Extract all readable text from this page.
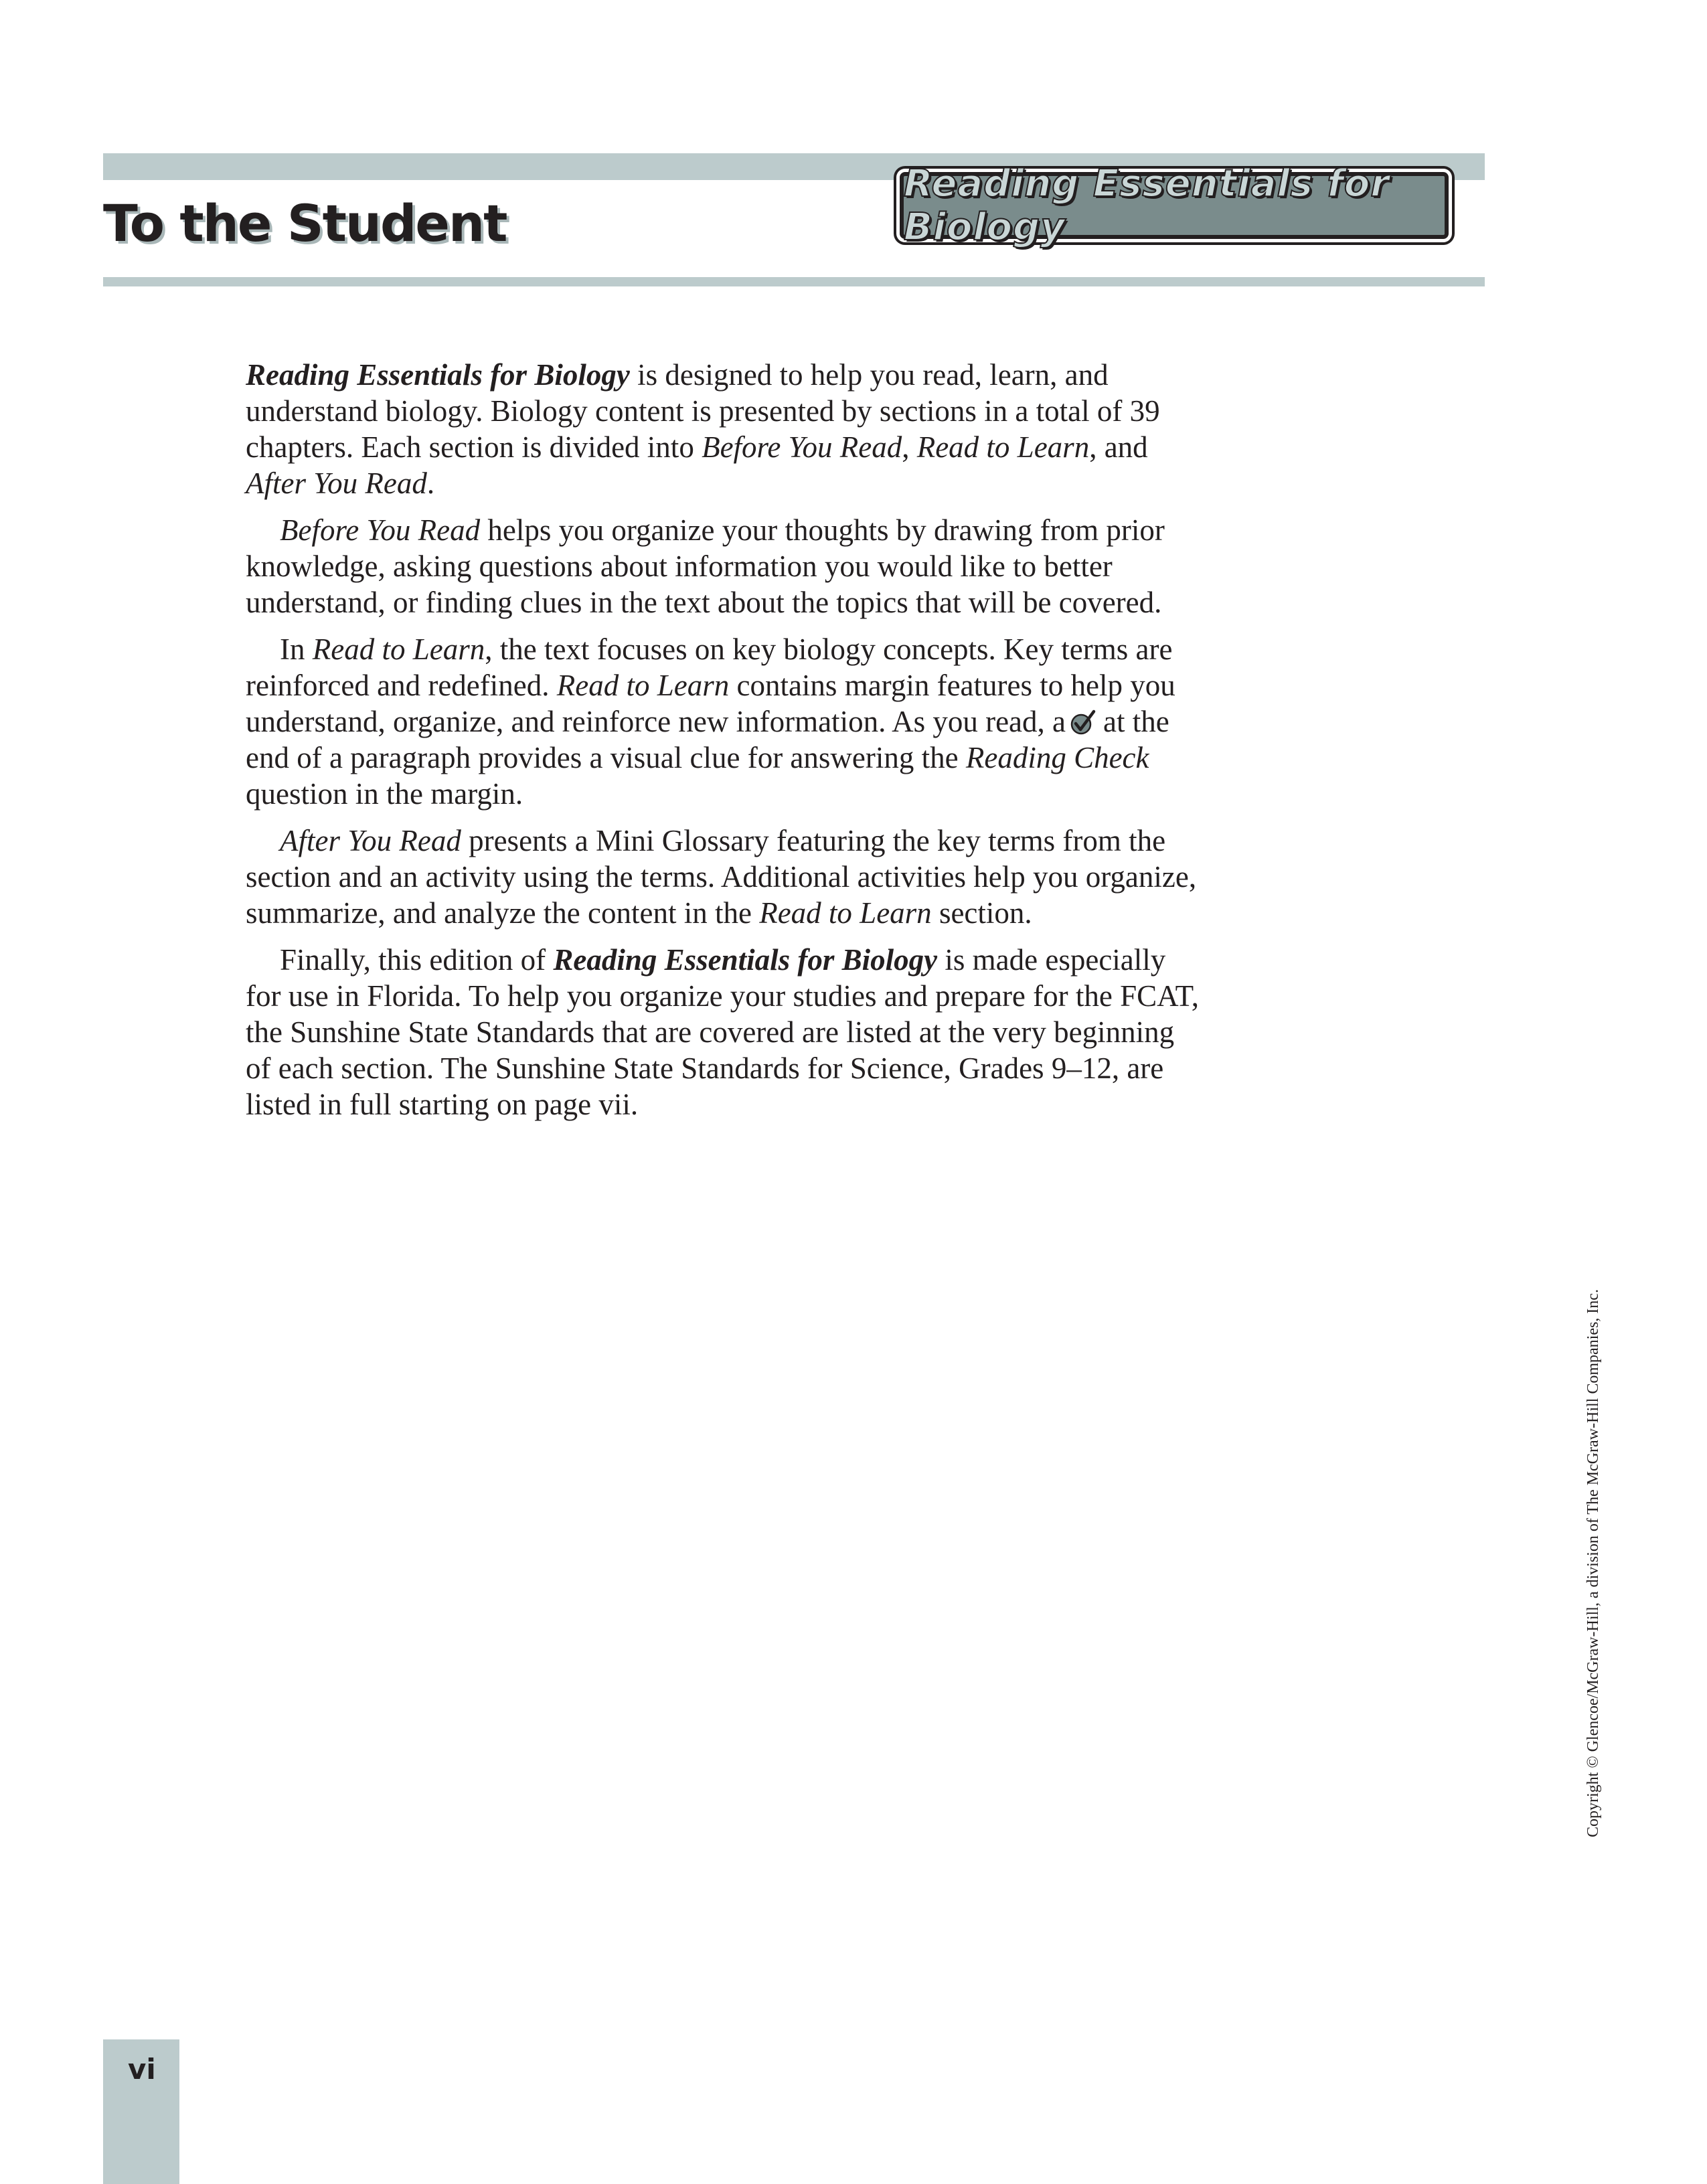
To the Student
Reading Essentials for Biology

Reading Essentials for Biology is designed to help you read, learn, and understand biology. Biology content is presented by sections in a total of 39 chapters. Each section is divided into Before You Read, Read to Learn, and After You Read.

Before You Read helps you organize your thoughts by drawing from prior knowledge, asking questions about information you would like to better understand, or finding clues in the text about the topics that will be covered.

In Read to Learn, the text focuses on key biology concepts. Key terms are reinforced and redefined. Read to Learn contains margin features to help you understand, organize, and reinforce new information. As you read, a at the end of a paragraph provides a visual clue for answering the Reading Check question in the margin.

After You Read presents a Mini Glossary featuring the key terms from the section and an activity using the terms. Additional activities help you organize, summarize, and analyze the content in the Read to Learn section.

Finally, this edition of Reading Essentials for Biology is made especially for use in Florida. To help you organize your studies and prepare for the FCAT, the Sunshine State Standards that are covered are listed at the very beginning of each section. The Sunshine State Standards for Science, Grades 9–12, are listed in full starting on page vii.

Copyright © Glencoe/McGraw-Hill, a division of The McGraw-Hill Companies, Inc.
vi
